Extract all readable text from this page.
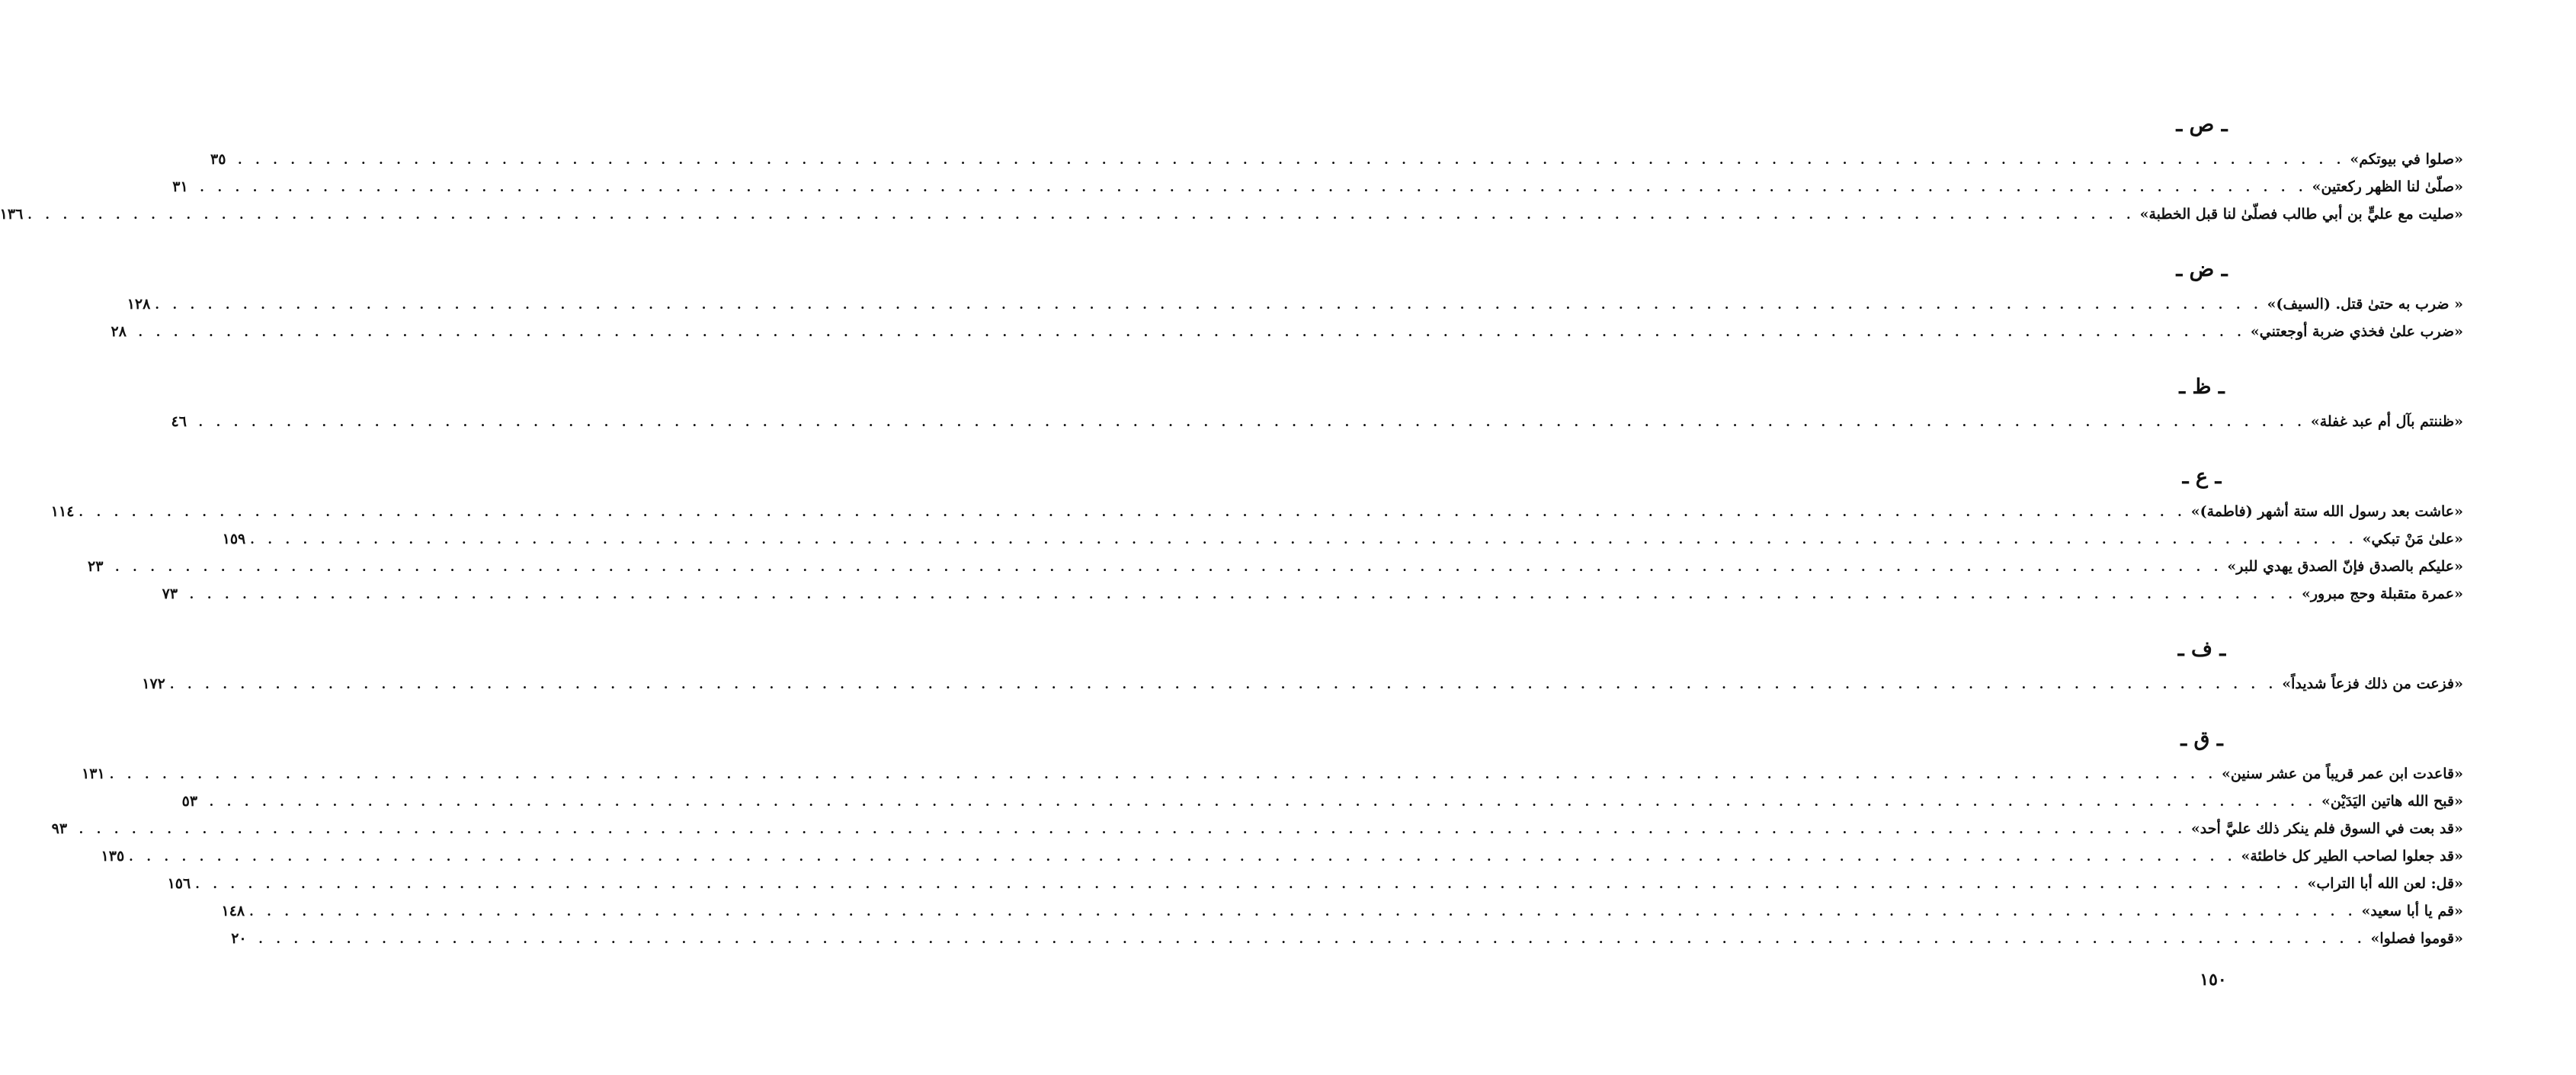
ـ ص ـ
«صلوا في بيوتكم»
. . . . . . . . . . . . . . . . . . . . . . . . . . . . . . . . . . . . . . . . . . . . . . . . . . . . . . . . . . . . . . . . . . . . . . . . . . . . . . . . . . . . . . . . . . . . . . . . . . . . . . . . . . . . . . . . . . . . . . . .
٣٥
«صلّىٰ لنا الظهر ركعتين»
. . . . . . . . . . . . . . . . . . . . . . . . . . . . . . . . . . . . . . . . . . . . . . . . . . . . . . . . . . . . . . . . . . . . . . . . . . . . . . . . . . . . . . . . . . . . . . . . . . . . . . . . . . . . . . . . . . . . . . . .
٣١
«صليت مع عليٍّ بن أبي طالب فصلّىٰ لنا قبل الخطبة»
. . . . . . . . . . . . . . . . . . . . . . . . . . . . . . . . . . . . . . . . . . . . . . . . . . . . . . . . . . . . . . . . . . . . . . . . . . . . . . . . . . . . . . . . . . . . . . . . . . . . . . . . . . . . . . . . . . . . . . . .
١٣٦
ـ ض ـ
« ضرب به حتىٰ قتل. (السيف)»
. . . . . . . . . . . . . . . . . . . . . . . . . . . . . . . . . . . . . . . . . . . . . . . . . . . . . . . . . . . . . . . . . . . . . . . . . . . . . . . . . . . . . . . . . . . . . . . . . . . . . . . . . . . . . . . . . . . . . . . .
١٢٨
«ضرب علىٰ فخذي ضربة أوجعتني»
. . . . . . . . . . . . . . . . . . . . . . . . . . . . . . . . . . . . . . . . . . . . . . . . . . . . . . . . . . . . . . . . . . . . . . . . . . . . . . . . . . . . . . . . . . . . . . . . . . . . . . . . . . . . . . . . . . . . . . . .
٢٨
ـ ظ ـ
«ظننتم بآل أم عبد غفلة»
. . . . . . . . . . . . . . . . . . . . . . . . . . . . . . . . . . . . . . . . . . . . . . . . . . . . . . . . . . . . . . . . . . . . . . . . . . . . . . . . . . . . . . . . . . . . . . . . . . . . . . . . . . . . . . . . . . . . . . . .
٤٦
ـ ع ـ
«عاشت بعد رسول الله ستة أشهر (فاطمة)»
. . . . . . . . . . . . . . . . . . . . . . . . . . . . . . . . . . . . . . . . . . . . . . . . . . . . . . . . . . . . . . . . . . . . . . . . . . . . . . . . . . . . . . . . . . . . . . . . . . . . . . . . . . . . . . . . . . . . . . . .
١١٤
«علىٰ مَنْ تبكي»
. . . . . . . . . . . . . . . . . . . . . . . . . . . . . . . . . . . . . . . . . . . . . . . . . . . . . . . . . . . . . . . . . . . . . . . . . . . . . . . . . . . . . . . . . . . . . . . . . . . . . . . . . . . . . . . . . . . . . . . .
١٥٩
«عليكم بالصدق فإنّ الصدق يهدي للبر»
. . . . . . . . . . . . . . . . . . . . . . . . . . . . . . . . . . . . . . . . . . . . . . . . . . . . . . . . . . . . . . . . . . . . . . . . . . . . . . . . . . . . . . . . . . . . . . . . . . . . . . . . . . . . . . . . . . . . . . . .
٢٣
«عمرة متقبلة وحج مبرور»
. . . . . . . . . . . . . . . . . . . . . . . . . . . . . . . . . . . . . . . . . . . . . . . . . . . . . . . . . . . . . . . . . . . . . . . . . . . . . . . . . . . . . . . . . . . . . . . . . . . . . . . . . . . . . . . . . . . . . . . .
٧٣
ـ ف ـ
«فزعت من ذلك فزعاً شديداً»
. . . . . . . . . . . . . . . . . . . . . . . . . . . . . . . . . . . . . . . . . . . . . . . . . . . . . . . . . . . . . . . . . . . . . . . . . . . . . . . . . . . . . . . . . . . . . . . . . . . . . . . . . . . . . . . . . . . . . . . .
١٧٢
ـ ق ـ
«قاعدت ابن عمر قريباً من عشر سنين»
. . . . . . . . . . . . . . . . . . . . . . . . . . . . . . . . . . . . . . . . . . . . . . . . . . . . . . . . . . . . . . . . . . . . . . . . . . . . . . . . . . . . . . . . . . . . . . . . . . . . . . . . . . . . . . . . . . . . . . . .
١٣١
«قبح الله هاتين اليَدَيْن»
. . . . . . . . . . . . . . . . . . . . . . . . . . . . . . . . . . . . . . . . . . . . . . . . . . . . . . . . . . . . . . . . . . . . . . . . . . . . . . . . . . . . . . . . . . . . . . . . . . . . . . . . . . . . . . . . . . . . . . . .
٥٣
«قد بعت في السوق فلم ينكر ذلك عليَّ أحد»
. . . . . . . . . . . . . . . . . . . . . . . . . . . . . . . . . . . . . . . . . . . . . . . . . . . . . . . . . . . . . . . . . . . . . . . . . . . . . . . . . . . . . . . . . . . . . . . . . . . . . . . . . . . . . . . . . . . . . . . .
٩٣
«قد جعلوا لصاحب الطير كل خاطئة»
. . . . . . . . . . . . . . . . . . . . . . . . . . . . . . . . . . . . . . . . . . . . . . . . . . . . . . . . . . . . . . . . . . . . . . . . . . . . . . . . . . . . . . . . . . . . . . . . . . . . . . . . . . . . . . . . . . . . . . . .
١٣٥
«قل: لعن الله أبا التراب»
. . . . . . . . . . . . . . . . . . . . . . . . . . . . . . . . . . . . . . . . . . . . . . . . . . . . . . . . . . . . . . . . . . . . . . . . . . . . . . . . . . . . . . . . . . . . . . . . . . . . . . . . . . . . . . . . . . . . . . . .
١٥٦
«قم يا أبا سعيد»
. . . . . . . . . . . . . . . . . . . . . . . . . . . . . . . . . . . . . . . . . . . . . . . . . . . . . . . . . . . . . . . . . . . . . . . . . . . . . . . . . . . . . . . . . . . . . . . . . . . . . . . . . . . . . . . . . . . . . . . .
١٤٨
«قوموا فصلوا»
. . . . . . . . . . . . . . . . . . . . . . . . . . . . . . . . . . . . . . . . . . . . . . . . . . . . . . . . . . . . . . . . . . . . . . . . . . . . . . . . . . . . . . . . . . . . . . . . . . . . . . . . . . . . . . . . . . . . . . . .
٢٠
١٥٠
